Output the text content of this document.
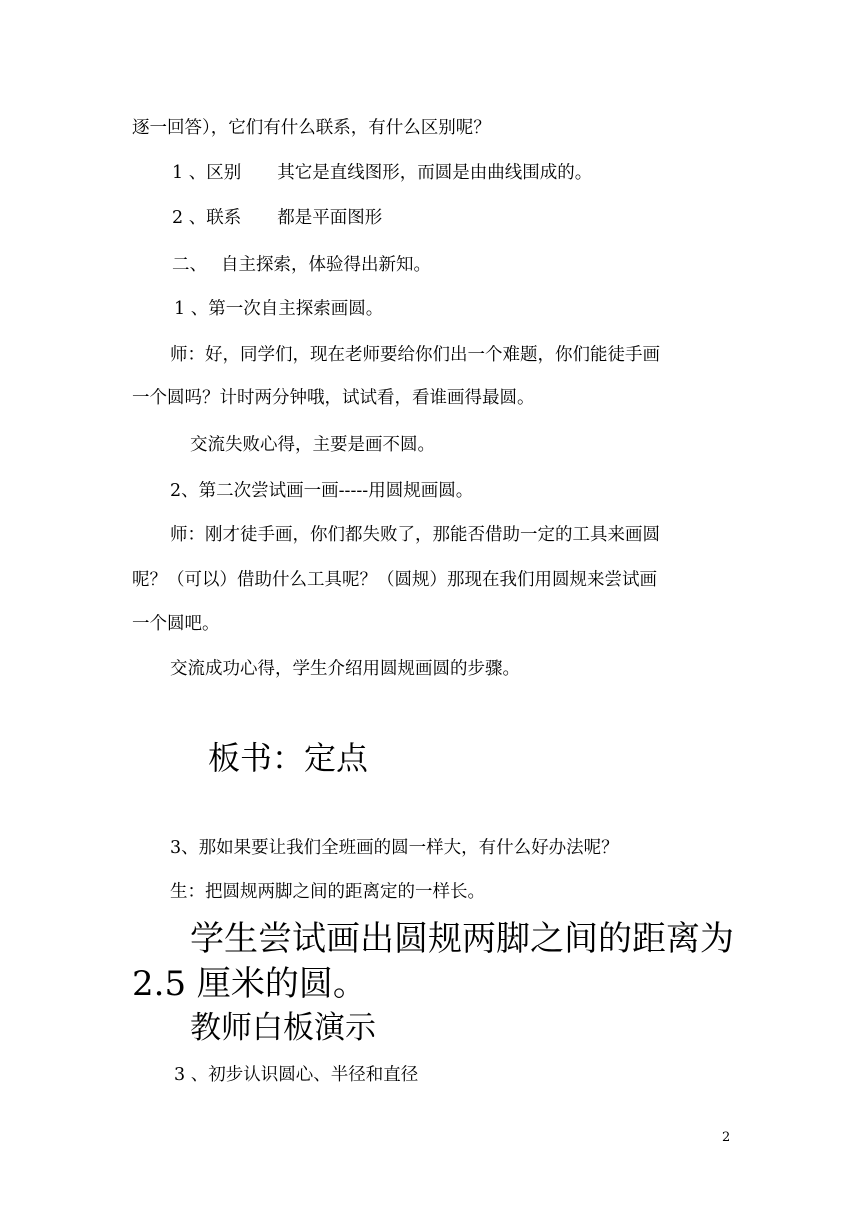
逐一回答），它们有什么联系，有什么区别呢？
1 、区别 其它是直线图形，而圆是由曲线围成的。
2 、联系 都是平面图形
二、 自主探索，体验得出新知。
1 、第一次自主探索画圆。
师：好，同学们，现在老师要给你们出一个难题，你们能徒手画
一个圆吗？计时两分钟哦，试试看，看谁画得最圆。
交流失败心得，主要是画不圆。
2、第二次尝试画一画-----用圆规画圆。
师：刚才徒手画，你们都失败了，那能否借助一定的工具来画圆
呢？（可以）借助什么工具呢？（圆规）那现在我们用圆规来尝试画
一个圆吧。
交流成功心得，学生介绍用圆规画圆的步骤。
板书：定点
3、那如果要让我们全班画的圆一样大，有什么好办法呢？
生：把圆规两脚之间的距离定的一样长。
学生尝试画出圆规两脚之间的距离为
2.5 厘米的圆。
教师白板演示
3 、初步认识圆心、半径和直径
2
